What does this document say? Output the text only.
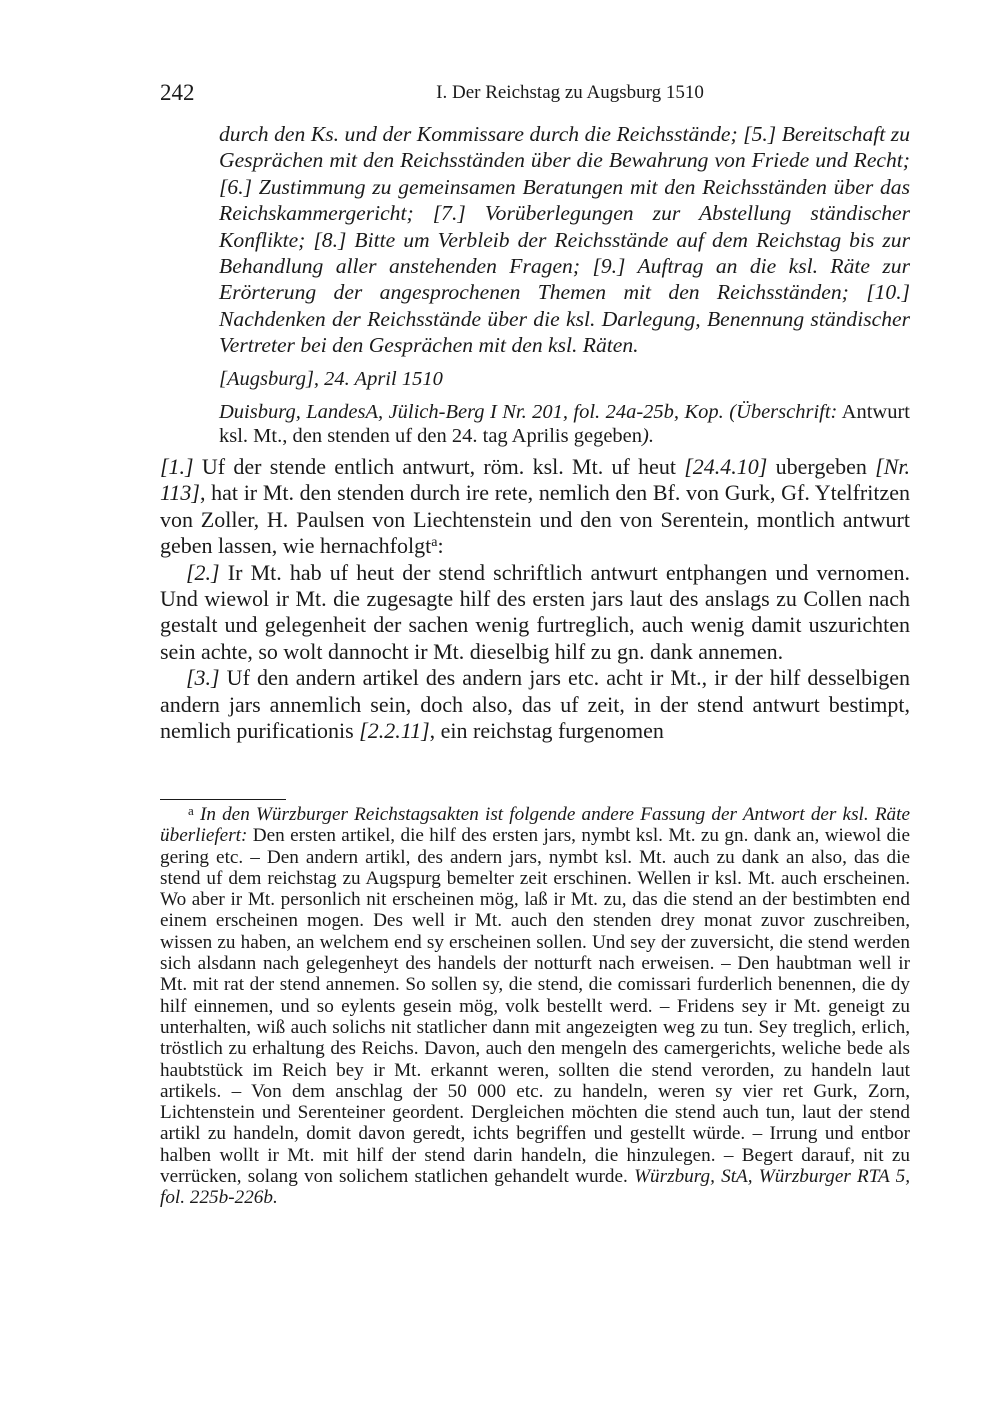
242	I. Der Reichstag zu Augsburg 1510

durch den Ks. und der Kommissare durch die Reichsstände; [5.] Bereitschaft zu Gesprächen mit den Reichsständen über die Bewahrung von Friede und Recht; [6.] Zustimmung zu gemeinsamen Beratungen mit den Reichsständen über das Reichskammergericht; [7.] Vorüberlegungen zur Abstellung ständischer Konflikte; [8.] Bitte um Verbleib der Reichsstände auf dem Reichstag bis zur Behandlung aller anstehenden Fragen; [9.] Auftrag an die ksl. Räte zur Erörterung der angesprochenen Themen mit den Reichsständen; [10.] Nachdenken der Reichsstände über die ksl. Darlegung, Benennung ständischer Vertreter bei den Gesprächen mit den ksl. Räten.

[Augsburg], 24. April 1510

Duisburg, LandesA, Jülich-Berg I Nr. 201, fol. 24a-25b, Kop. (Überschrift: Antwurt ksl. Mt., den stenden uf den 24. tag Aprilis gegeben).

[1.] Uf der stende entlich antwurt, röm. ksl. Mt. uf heut [24.4.10] ubergeben [Nr. 113], hat ir Mt. den stenden durch ire rete, nemlich den Bf. von Gurk, Gf. Ytelfritzen von Zoller, H. Paulsen von Liechtenstein und den von Serentein, montlich antwurt geben lassen, wie hernachfolgt$^a$:

[2.] Ir Mt. hab uf heut der stend schriftlich antwurt entphangen und vernomen. Und wiewol ir Mt. die zugesagte hilf des ersten jars laut des anslags zu Collen nach gestalt und gelegenheit der sachen wenig furtreglich, auch wenig damit uszurichten sein achte, so wolt dannocht ir Mt. dieselbig hilf zu gn. dank annemen.

[3.] Uf den andern artikel des andern jars etc. acht ir Mt., ir der hilf desselbigen andern jars annemlich sein, doch also, das uf zeit, in der stend antwurt bestimpt, nemlich purificationis [2.2.11], ein reichstag furgenomen

$^a$ In den Würzburger Reichstagsakten ist folgende andere Fassung der Antwort der ksl. Räte überliefert: Den ersten artikel, die hilf des ersten jars, nymbt ksl. Mt. zu gn. dank an, wiewol die gering etc. – Den andern artikl, des andern jars, nymbt ksl. Mt. auch zu dank an also, das die stend uf dem reichstag zu Augspurg bemelter zeit erschinen. Wellen ir ksl. Mt. auch erscheinen. Wo aber ir Mt. personlich nit erscheinen mög, laß ir Mt. zu, das die stend an der bestimbten end einem erscheinen mogen. Des well ir Mt. auch den stenden drey monat zuvor zuschreiben, wissen zu haben, an welchem end sy erscheinen sollen. Und sey der zuversicht, die stend werden sich alsdann nach gelegenheyt des handels der notturft nach erweisen. – Den haubtman well ir Mt. mit rat der stend annemen. So sollen sy, die stend, die comissari furderlich benennen, die dy hilf einnemen, und so eylents gesein mög, volk bestellt werd. – Fridens sey ir Mt. geneigt zu unterhalten, wiß auch solichs nit statlicher dann mit angezeigten weg zu tun. Sey treglich, erlich, tröstlich zu erhaltung des Reichs. Davon, auch den mengeln des camergerichts, weliche bede als haubtstück im Reich bey ir Mt. erkannt weren, sollten die stend verorden, zu handeln laut artikels. – Von dem anschlag der 50 000 etc. zu handeln, weren sy vier ret Gurk, Zorn, Lichtenstein und Serenteiner geordent. Dergleichen möchten die stend auch tun, laut der stend artikl zu handeln, domit davon geredt, ichts begriffen und gestellt würde. – Irrung und entbor halben wollt ir Mt. mit hilf der stend darin handeln, die hinzulegen. – Begert darauf, nit zu verrücken, solang von solichem statlichen gehandelt wurde. Würzburg, StA, Würzburger RTA 5, fol. 225b-226b.
